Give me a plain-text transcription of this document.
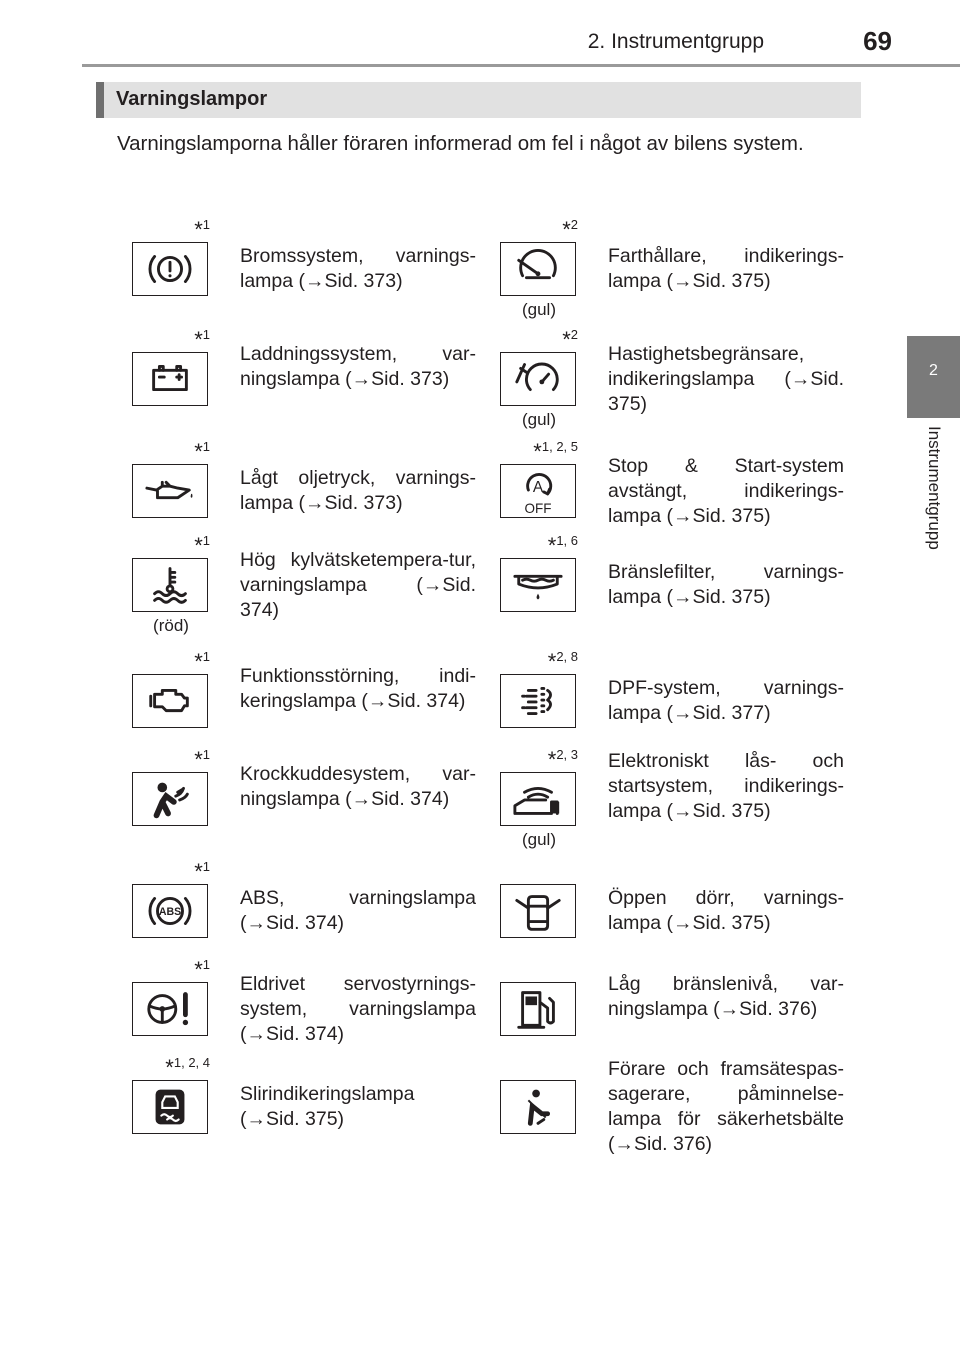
2. Instrumentgrupp	69
2
Instrumentgrupp
Varningslampor
Varningslamporna håller föraren informerad om fel i något av bilens system.
$*_1$
Bromssystem, varnings-lampa (→Sid. 373)
$*_1$
Laddningssystem, var-ningslampa (→Sid. 373)
$*_1$
Lågt oljetryck, varnings-lampa (→Sid. 373)
$*_1$
(röd)
Hög kylvätsketempera-tur, varningslampa (→Sid. 374)
$*_1$
Funktionsstörning, indi-keringslampa (→Sid. 374)
$*_1$
Krockkuddesystem, var-ningslampa (→Sid. 374)
$*_1$
ABS
ABS, varningslampa (→Sid. 374)
$*_1$
Eldrivet servostyrnings-system, varningslampa (→Sid. 374)
$*_{1, 2, 4}$
Slirindikeringslampa (→Sid. 375)
$*_2$
(gul)
Farthållare, indikerings-lampa (→Sid. 375)
$*_2$
(gul)
Hastighetsbegränsare, indikeringslampa (→Sid. 375)
$*_{1, 2, 5}$
A
OFF
Stop & Start-system avstängt, indikerings-lampa (→Sid. 375)
$*_{1, 6}$
Bränslefilter, varnings-lampa (→Sid. 375)
$*_{2, 8}$
DPF-system, varnings-lampa (→Sid. 377)
$*_{2, 3}$
(gul)
Elektroniskt lås- och startsystem, indikerings-lampa (→Sid. 375)
Öppen dörr, varnings-lampa (→Sid. 375)
Låg bränslenivå, var-ningslampa (→Sid. 376)
Förare och framsätespas-sagerare, påminnelse-lampa för säkerhetsbälte (→Sid. 376)
